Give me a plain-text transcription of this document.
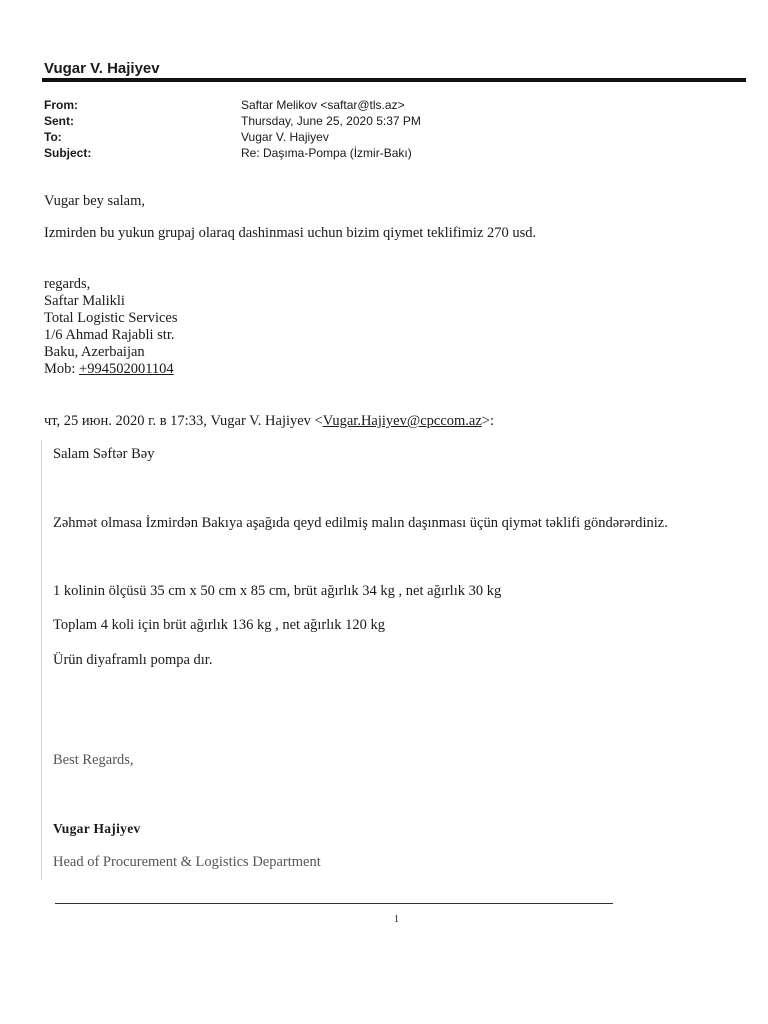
Vugar V. Hajiyev
From:	Saftar Melikov <saftar@tls.az>
Sent:	Thursday, June 25, 2020 5:37 PM
To:	Vugar V. Hajiyev
Subject:	Re: Daşıma-Pompa (İzmir-Bakı)
Vugar bey salam,
Izmirden bu yukun grupaj olaraq dashinmasi uchun bizim qiymet teklifimiz 270 usd.
regards,
Saftar Malikli
Total Logistic Services
1/6 Ahmad Rajabli str.
Baku, Azerbaijan
Mob: +994502001104
чт, 25 июн. 2020 г. в 17:33, Vugar V. Hajiyev <Vugar.Hajiyev@cpccom.az>:
Salam Səftər Bəy
Zəhmət olmasa İzmirdən Bakıya aşağıda qeyd edilmiş malın daşınması üçün qiymət təklifi göndərərdiniz.
1 kolinin ölçüsü 35 cm x 50 cm x 85 cm, brüt ağırlık 34 kg , net ağırlık 30 kg
Toplam 4 koli için brüt ağırlık 136 kg , net ağırlık 120 kg
Ürün diyaframlı pompa dır.
Best Regards,
Vugar Hajiyev
Head of Procurement & Logistics Department
1
